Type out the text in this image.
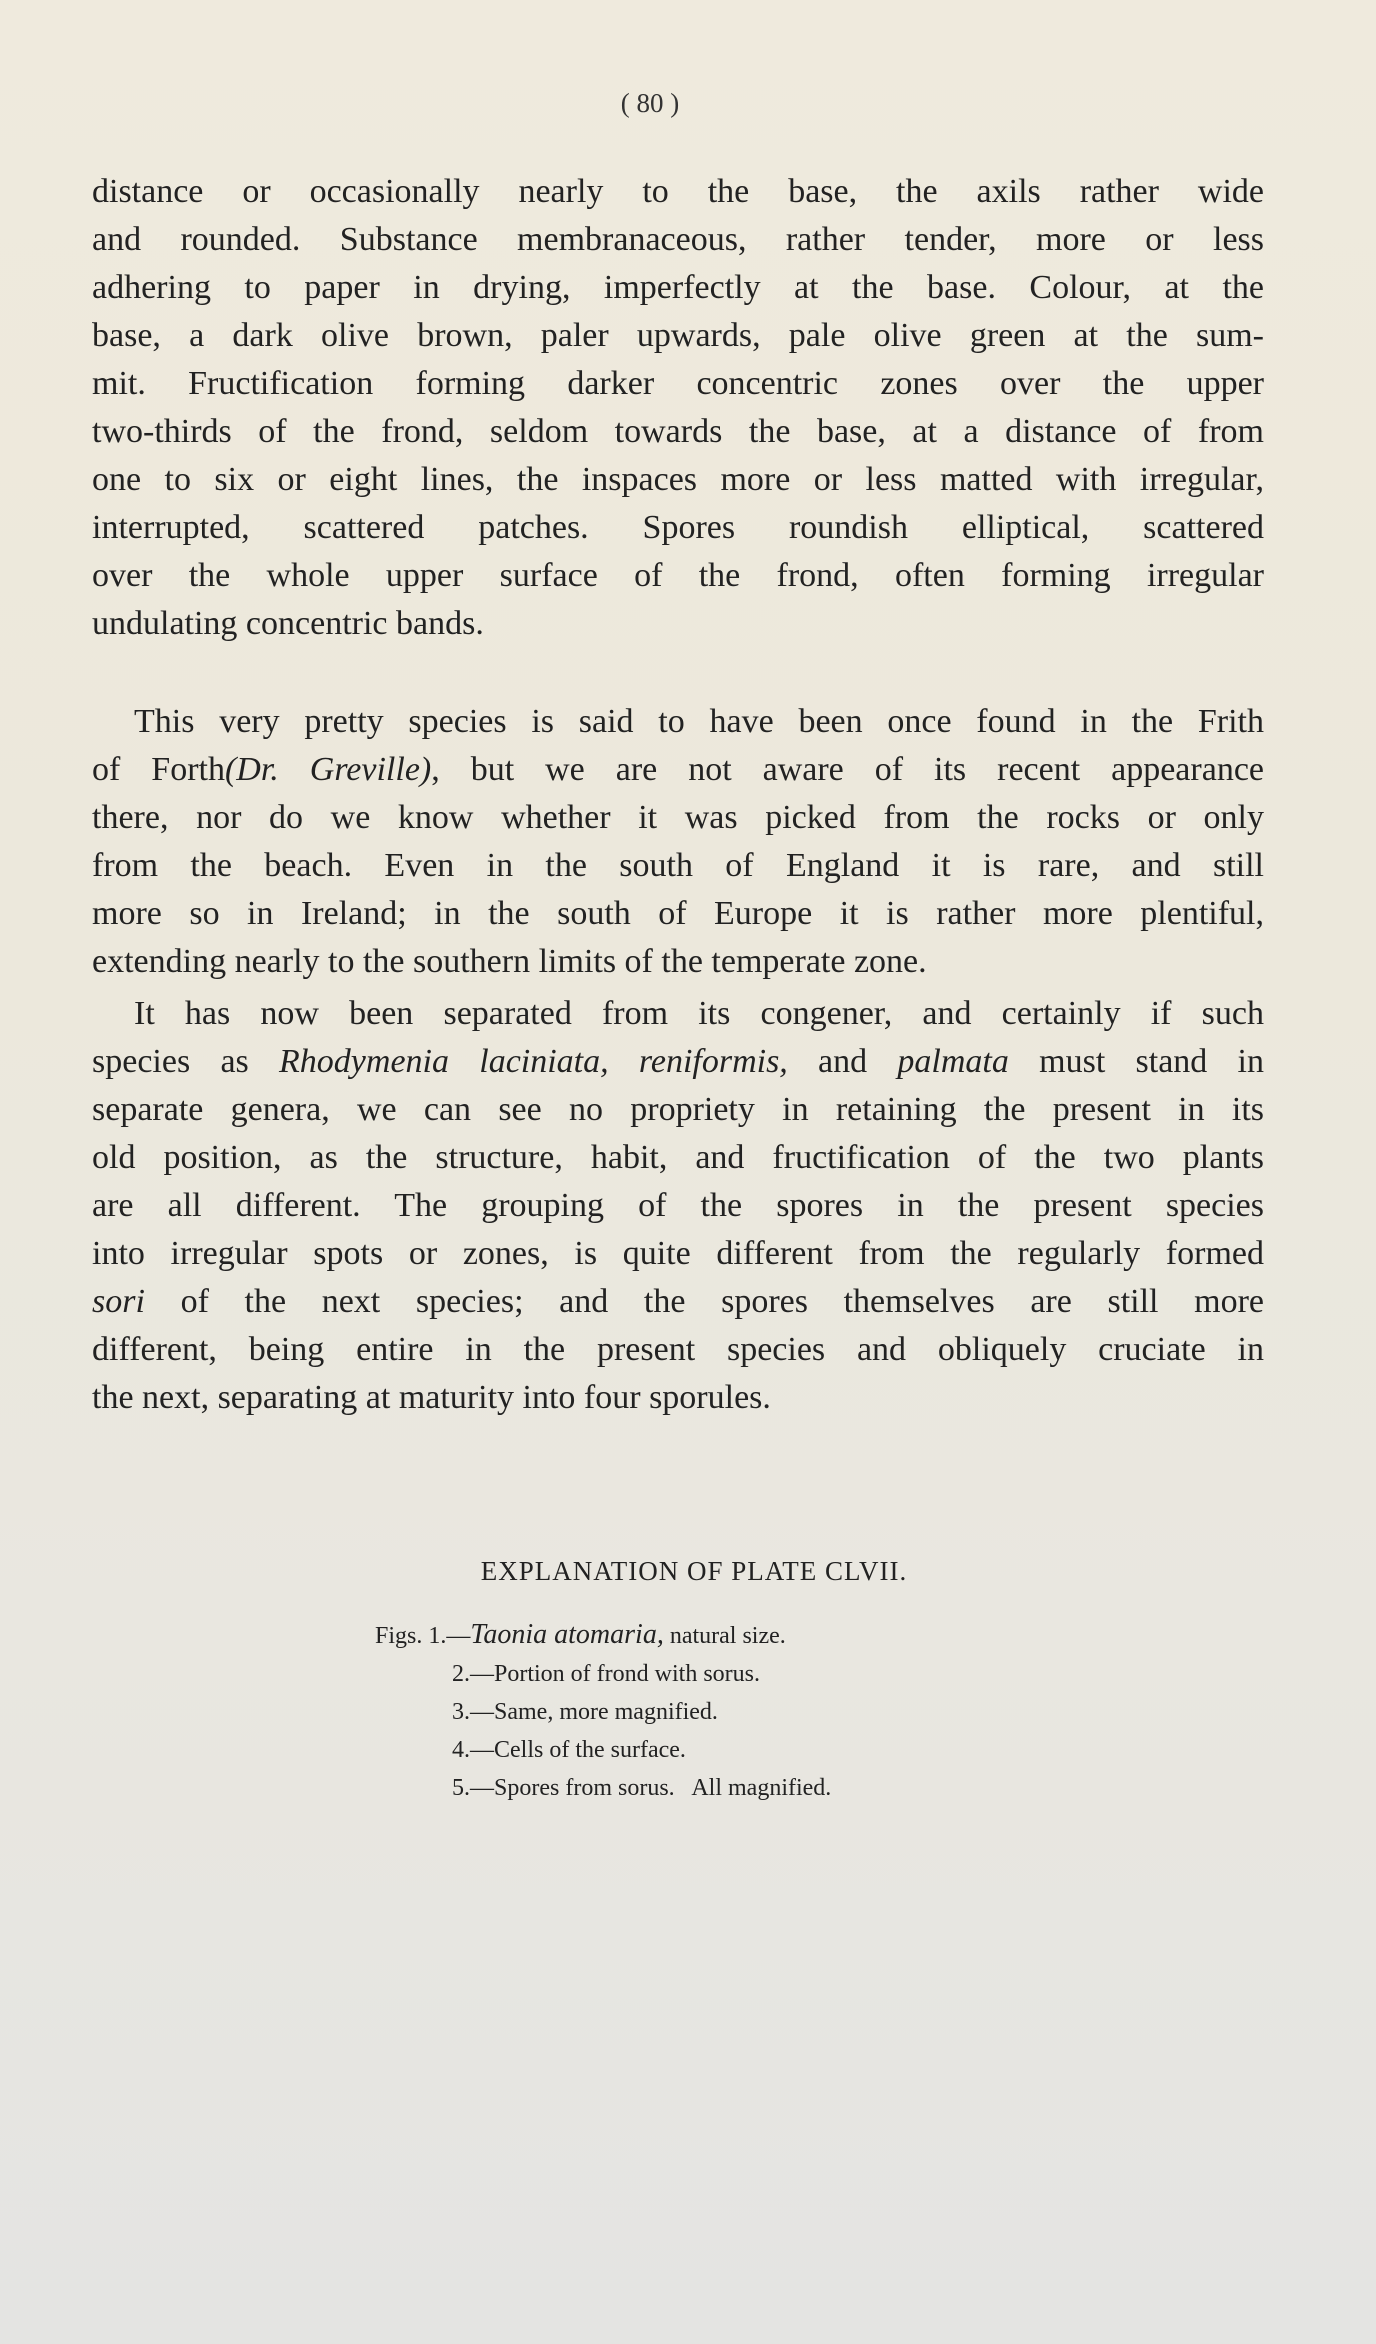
( 80 )
distance or occasionally nearly to the base, the axils rather wide
and rounded. Substance membranaceous, rather tender, more or less
adhering to paper in drying, imperfectly at the base. Colour, at the
base, a dark olive brown, paler upwards, pale olive green at the sum-
mit. Fructification forming darker concentric zones over the upper
two-thirds of the frond, seldom towards the base, at a distance of from
one to six or eight lines, the inspaces more or less matted with irregular,
interrupted, scattered patches. Spores roundish elliptical, scattered
over the whole upper surface of the frond, often forming irregular
undulating concentric bands.
This very pretty species is said to have been once found in the Frith
of Forth(Dr. Greville), but we are not aware of its recent appearance
there, nor do we know whether it was picked from the rocks or only
from the beach. Even in the south of England it is rare, and still
more so in Ireland; in the south of Europe it is rather more plentiful,
extending nearly to the southern limits of the temperate zone.
It has now been separated from its congener, and certainly if such
species as Rhodymenia laciniata, reniformis, and palmata must stand in
separate genera, we can see no propriety in retaining the present in its
old position, as the structure, habit, and fructification of the two plants
are all different. The grouping of the spores in the present species
into irregular spots or zones, is quite different from the regularly formed
sori of the next species; and the spores themselves are still more
different, being entire in the present species and obliquely cruciate in
the next, separating at maturity into four sporules.
EXPLANATION OF PLATE CLVII.
Figs. 1.—Taonia atomaria, natural size.
2.—Portion of frond with sorus.
3.—Same, more magnified.
4.—Cells of the surface.
5.—Spores from sorus.   All magnified.
